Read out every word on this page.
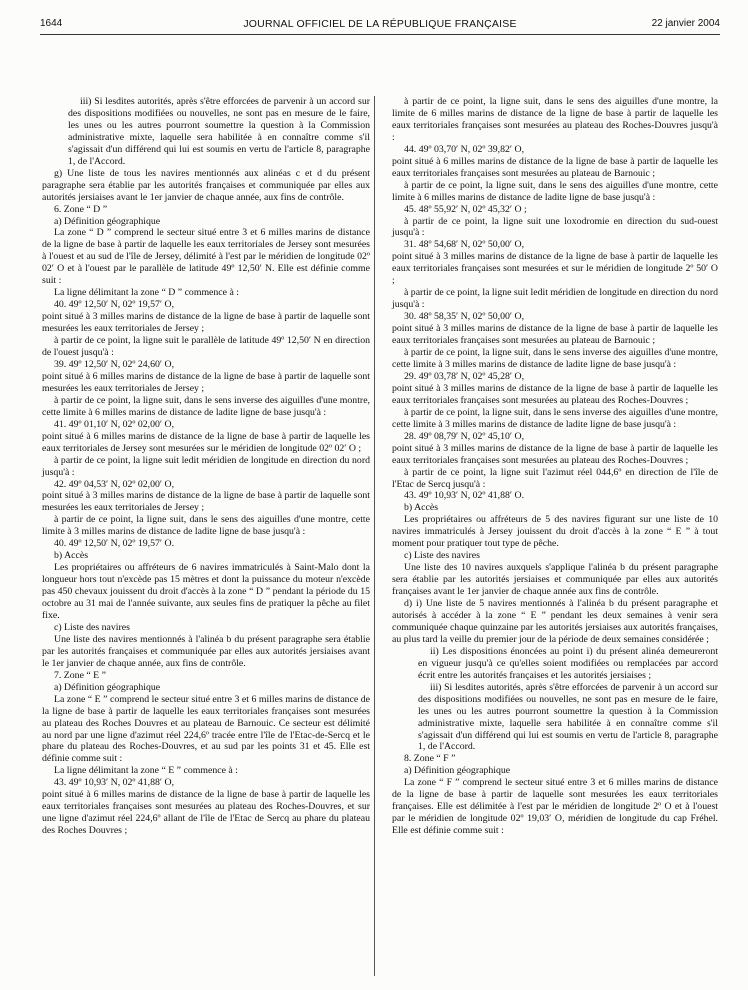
1644	JOURNAL OFFICIEL DE LA RÉPUBLIQUE FRANÇAISE	22 janvier 2004

iii) Si lesdites autorités, après s'être efforcées de parvenir à un accord sur des dispositions modifiées ou nouvelles, ne sont pas en mesure de le faire, les unes ou les autres pourront soumettre la question à la Commission administrative mixte, laquelle sera habilitée à en connaître comme s'il s'agissait d'un différend qui lui est soumis en vertu de l'article 8, paragraphe 1, de l'Accord.

g) Une liste de tous les navires mentionnés aux alinéas c et d du présent paragraphe sera établie par les autorités françaises et communiquée par elles aux autorités jersiaises avant le 1er janvier de chaque année, aux fins de contrôle.

6. Zone “ D ”

a) Définition géographique

La zone “ D ” comprend le secteur situé entre 3 et 6 milles marins de distance de la ligne de base à partir de laquelle les eaux territoriales de Jersey sont mesurées à l'ouest et au sud de l'île de Jersey, délimité à l'est par le méridien de longitude 02º 02′ O et à l'ouest par le parallèle de latitude 49º 12,50′ N. Elle est définie comme suit :

La ligne délimitant la zone “ D ” commence à :

40. 49º 12,50′ N, 02º 19,57′ O,

point situé à 3 milles marins de distance de la ligne de base à partir de laquelle sont mesurées les eaux territoriales de Jersey ;

à partir de ce point, la ligne suit le parallèle de latitude 49º 12,50′ N en direction de l'ouest jusqu'à :

39. 49º 12,50′ N, 02º 24,60′ O,

point situé à 6 milles marins de distance de la ligne de base à partir de laquelle sont mesurées les eaux territoriales de Jersey ;

à partir de ce point, la ligne suit, dans le sens inverse des aiguilles d'une montre, cette limite à 6 milles marins de distance de ladite ligne de base jusqu'à :

41. 49º 01,10′ N, 02º 02,00′ O,

point situé à 6 milles marins de distance de la ligne de base à partir de laquelle les eaux territoriales de Jersey sont mesurées sur le méridien de longitude 02º 02′ O ;

à partir de ce point, la ligne suit ledit méridien de longitude en direction du nord jusqu'à :

42. 49º 04,53′ N, 02º 02,00′ O,

point situé à 3 milles marins de distance de la ligne de base à partir de laquelle sont mesurées les eaux territoriales de Jersey ;

à partir de ce point, la ligne suit, dans le sens des aiguilles d'une montre, cette limite à 3 milles marins de distance de ladite ligne de base jusqu'à :

40. 49º 12,50′ N, 02º 19,57′ O.

b) Accès

Les propriétaires ou affréteurs de 6 navires immatriculés à Saint-Malo dont la longueur hors tout n'excède pas 15 mètres et dont la puissance du moteur n'excède pas 450 chevaux jouissent du droit d'accès à la zone “ D ” pendant la période du 15 octobre au 31 mai de l'année suivante, aux seules fins de pratiquer la pêche au filet fixe.

c) Liste des navires

Une liste des navires mentionnés à l'alinéa b du présent paragraphe sera établie par les autorités françaises et communiquée par elles aux autorités jersiaises avant le 1er janvier de chaque année, aux fins de contrôle.

7. Zone “ E ”

a) Définition géographique

La zone “ E ” comprend le secteur situé entre 3 et 6 milles marins de distance de la ligne de base à partir de laquelle les eaux territoriales françaises sont mesurées au plateau des Roches Douvres et au plateau de Barnouic. Ce secteur est délimité au nord par une ligne d'azimut réel 224,6º tracée entre l'île de l'Etac-de-Sercq et le phare du plateau des Roches-Douvres, et au sud par les points 31 et 45. Elle est définie comme suit :

La ligne délimitant la zone “ E ” commence à :

43. 49º 10,93′ N, 02º 41,88′ O,

point situé à 6 milles marins de distance de la ligne de base à partir de laquelle les eaux territoriales françaises sont mesurées au plateau des Roches-Douvres, et sur une ligne d'azimut réel 224,6º allant de l'île de l'Etac de Sercq au phare du plateau des Roches Douvres ;

à partir de ce point, la ligne suit, dans le sens des aiguilles d'une montre, la limite de 6 milles marins de distance de la ligne de base à partir de laquelle les eaux territoriales françaises sont mesurées au plateau des Roches-Douvres jusqu'à :

44. 49º 03,70′ N, 02º 39,82′ O,

point situé à 6 milles marins de distance de la ligne de base à partir de laquelle les eaux territoriales françaises sont mesurées au plateau de Barnouic ;

à partir de ce point, la ligne suit, dans le sens des aiguilles d'une montre, cette limite à 6 milles marins de distance de ladite ligne de base jusqu'à :

45. 48º 55,92′ N, 02º 45,32′ O ;

à partir de ce point, la ligne suit une loxodromie en direction du sud-ouest jusqu'à :

31. 48º 54,68′ N, 02º 50,00′ O,

point situé à 3 milles marins de distance de la ligne de base à partir de laquelle les eaux territoriales françaises sont mesurées et sur le méridien de longitude 2º 50′ O ;

à partir de ce point, la ligne suit ledit méridien de longitude en direction du nord jusqu'à :

30. 48º 58,35′ N, 02º 50,00′ O,

point situé à 3 milles marins de distance de la ligne de base à partir de laquelle les eaux territoriales françaises sont mesurées au plateau de Barnouic ;

à partir de ce point, la ligne suit, dans le sens inverse des aiguilles d'une montre, cette limite à 3 milles marins de distance de ladite ligne de base jusqu'à :

29. 49º 03,78′ N, 02º 45,28′ O,

point situé à 3 milles marins de distance de la ligne de base à partir de laquelle les eaux territoriales françaises sont mesurées au plateau des Roches-Douvres ;

à partir de ce point, la ligne suit, dans le sens inverse des aiguilles d'une montre, cette limite à 3 milles marins de distance de ladite ligne de base jusqu'à :

28. 49º 08,79′ N, 02º 45,10′ O,

point situé à 3 milles marins de distance de la ligne de base à partir de laquelle les eaux territoriales françaises sont mesurées au plateau des Roches-Douvres ;

à partir de ce point, la ligne suit l'azimut réel 044,6º en direction de l'île de l'Etac de Sercq jusqu'à :

43. 49º 10,93′ N, 02º 41,88′ O.

b) Accès

Les propriétaires ou affréteurs de 5 des navires figurant sur une liste de 10 navires immatriculés à Jersey jouissent du droit d'accès à la zone “ E ” à tout moment pour pratiquer tout type de pêche.

c) Liste des navires

Une liste des 10 navires auxquels s'applique l'alinéa b du présent paragraphe sera établie par les autorités jersiaises et communiquée par elles aux autorités françaises avant le 1er janvier de chaque année aux fins de contrôle.

d) i) Une liste de 5 navires mentionnés à l'alinéa b du présent paragraphe et autorisés à accéder à la zone “ E ” pendant les deux semaines à venir sera communiquée chaque quinzaine par les autorités jersiaises aux autorités françaises, au plus tard la veille du premier jour de la période de deux semaines considérée ;

ii) Les dispositions énoncées au point i) du présent alinéa demeureront en vigueur jusqu'à ce qu'elles soient modifiées ou remplacées par accord écrit entre les autorités françaises et les autorités jersiaises ;

iii) Si lesdites autorités, après s'être efforcées de parvenir à un accord sur des dispositions modifiées ou nouvelles, ne sont pas en mesure de le faire, les unes ou les autres pourront soumettre la question à la Commission administrative mixte, laquelle sera habilitée à en connaître comme s'il s'agissait d'un différend qui lui est soumis en vertu de l'article 8, paragraphe 1, de l'Accord.

8. Zone “ F ”

a) Définition géographique

La zone “ F ” comprend le secteur situé entre 3 et 6 milles marins de distance de la ligne de base à partir de laquelle sont mesurées les eaux territoriales françaises. Elle est délimitée à l'est par le méridien de longitude 2º O et à l'ouest par le méridien de longitude 02º 19,03′ O, méridien de longitude du cap Fréhel. Elle est définie comme suit :
